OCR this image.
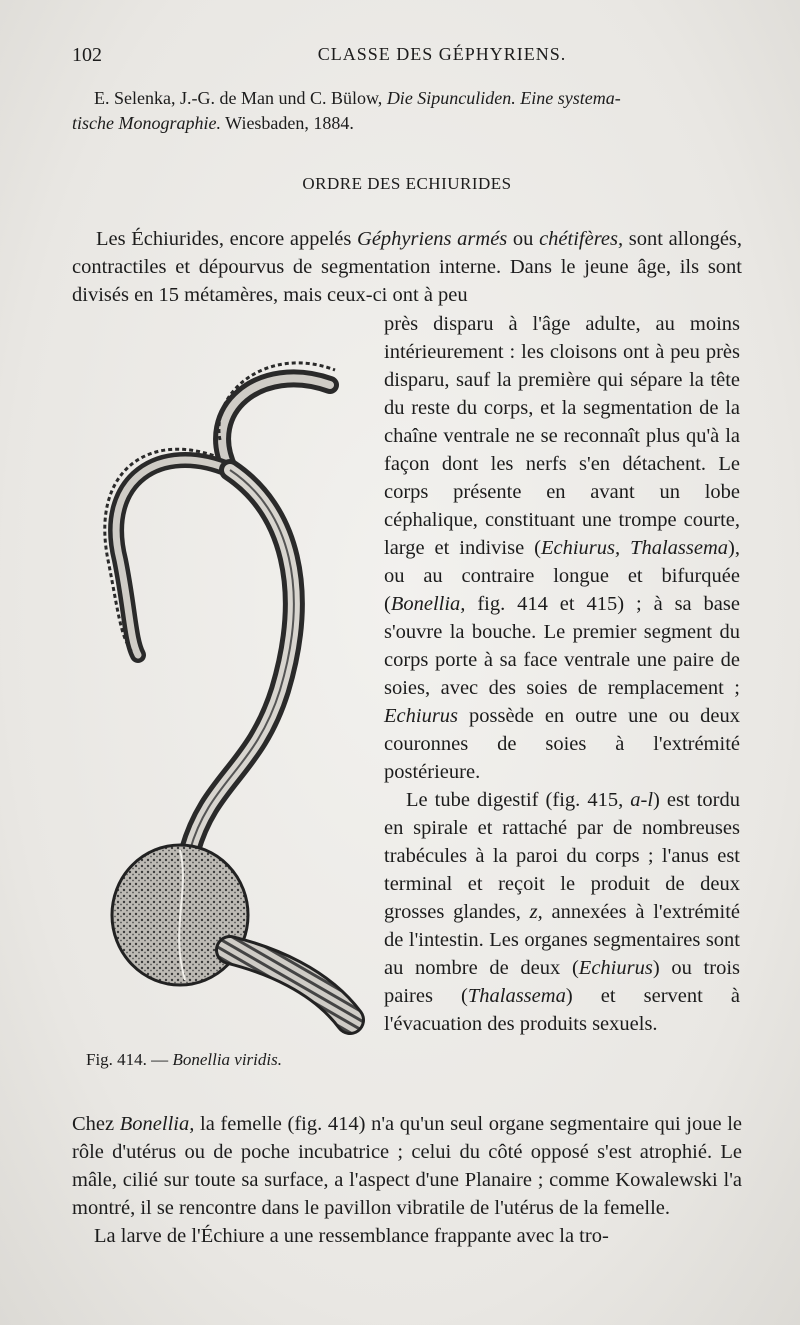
102	CLASSE DES GÉPHYRIENS.
E. Selenka, J.-G. de Man und C. Bülow, Die Sipunculiden. Eine systema-
tische Monographie. Wiesbaden, 1884.
ORDRE DES ECHIURIDES

Les Échiurides, encore appelés Géphyriens armés ou chétifères, sont allongés, contractiles et dépourvus de segmentation interne. Dans le jeune âge, ils sont divisés en 15 métamères, mais ceux-ci ont à peu

Fig. 414. — Bonellia viridis.

près disparu à l'âge adulte, au moins intérieurement : les cloisons ont à peu près disparu, sauf la première qui sépare la tête du reste du corps, et la segmentation de la chaîne ventrale ne se reconnaît plus qu'à la façon dont les nerfs s'en détachent. Le corps présente en avant un lobe céphalique, constituant une trompe courte, large et indivise (Echiurus, Thalassema), ou au contraire longue et bifurquée (Bonellia, fig. 414 et 415) ; à sa base s'ouvre la bouche. Le premier segment du corps porte à sa face ventrale une paire de soies, avec des soies de remplacement ; Echiurus possède en outre une ou deux couronnes de soies à l'extrémité postérieure.

Le tube digestif (fig. 415, a-l) est tordu en spirale et rattaché par de nombreuses trabécules à la paroi du corps ; l'anus est terminal et reçoit le produit de deux grosses glandes, z, annexées à l'extrémité de l'intestin. Les organes segmentaires sont au nombre de deux (Echiurus) ou trois paires (Thalassema) et servent à l'évacuation des produits sexuels.

Chez Bonellia, la femelle (fig. 414) n'a qu'un seul organe segmentaire qui joue le rôle d'utérus ou de poche incubatrice ; celui du côté opposé s'est atrophié. Le mâle, cilié sur toute sa surface, a l'aspect d'une Planaire ; comme Kowalewski l'a montré, il se rencontre dans le pavillon vibratile de l'utérus de la femelle.

La larve de l'Échiure a une ressemblance frappante avec la tro-
